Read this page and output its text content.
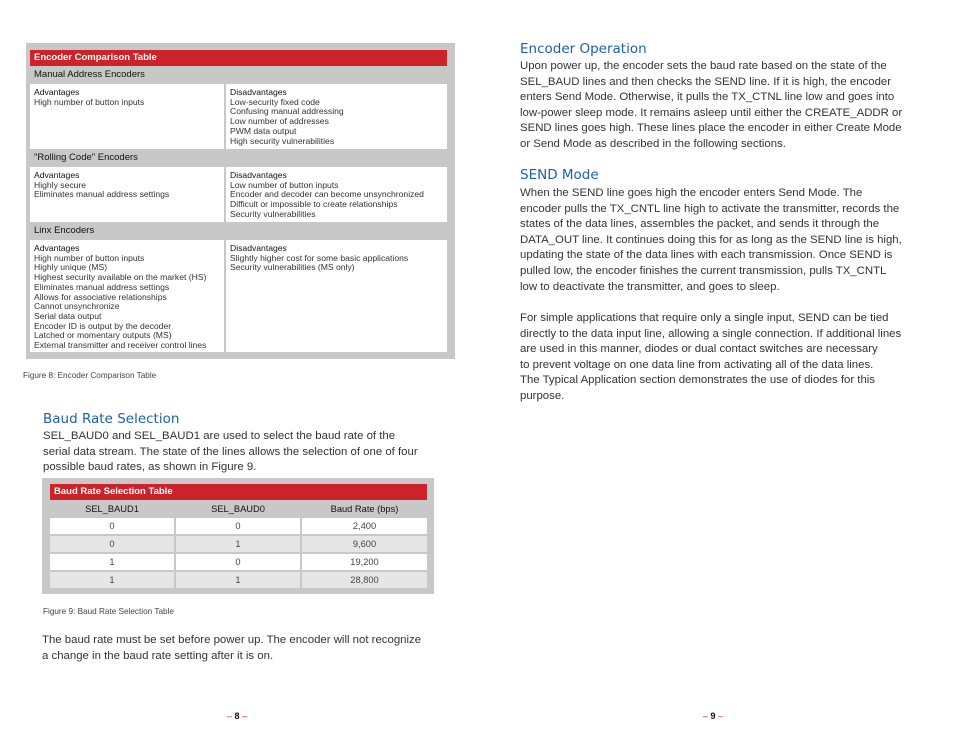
Encoder Comparison Table
Manual Address Encoders
Advantages
High number of button inputs
Disadvantages
Low-security fixed code
Confusing manual addressing
Low number of addresses
PWM data output
High security vulnerabilities
"Rolling Code" Encoders
Advantages
Highly secure
Eliminates manual address settings
Disadvantages
Low number of button inputs
Encoder and decoder can become unsynchronized
Difficult or impossible to create relationships
Security vulnerabilities
Linx Encoders
Advantages
High number of button inputs
Highly unique (MS)
Highest security available on the market (HS)
Eliminates manual address settings
Allows for associative relationships
Cannot unsynchronize
Serial data output
Encoder ID is output by the decoder
Latched or momentary outputs (MS)
External transmitter and receiver control lines
Disadvantages
Slightly higher cost for some basic applications
Security vulnerabilities (MS only)
Figure 8: Encoder Comparison Table
Baud Rate Selection
SEL_BAUD0 and SEL_BAUD1 are used to select the baud rate of the
serial data stream. The state of the lines allows the selection of one of four
possible baud rates, as shown in Figure 9.
Baud Rate Selection Table
SEL_BAUD1	SEL_BAUD0	Baud Rate (bps)
0	0	2,400
0	1	9,600
1	0	19,200
1	1	28,800
Figure 9: Baud Rate Selection Table
The baud rate must be set before power up. The encoder will not recognize
a change in the baud rate setting after it is on.
– 8 –
Encoder Operation
Upon power up, the encoder sets the baud rate based on the state of the
SEL_BAUD lines and then checks the SEND line. If it is high, the encoder
enters Send Mode. Otherwise, it pulls the TX_CTNL line low and goes into
low-power sleep mode. It remains asleep until either the CREATE_ADDR or
SEND lines goes high. These lines place the encoder in either Create Mode
or Send Mode as described in the following sections.
SEND Mode
When the SEND line goes high the encoder enters Send Mode. The
encoder pulls the TX_CNTL line high to activate the transmitter, records the
states of the data lines, assembles the packet, and sends it through the
DATA_OUT line. It continues doing this for as long as the SEND line is high,
updating the state of the data lines with each transmission. Once SEND is
pulled low, the encoder finishes the current transmission, pulls TX_CNTL
low to deactivate the transmitter, and goes to sleep.
For simple applications that require only a single input, SEND can be tied
directly to the data input line, allowing a single connection. If additional lines
are used in this manner, diodes or dual contact switches are necessary
to prevent voltage on one data line from activating all of the data lines.
The Typical Application section demonstrates the use of diodes for this
purpose.
– 9 –
